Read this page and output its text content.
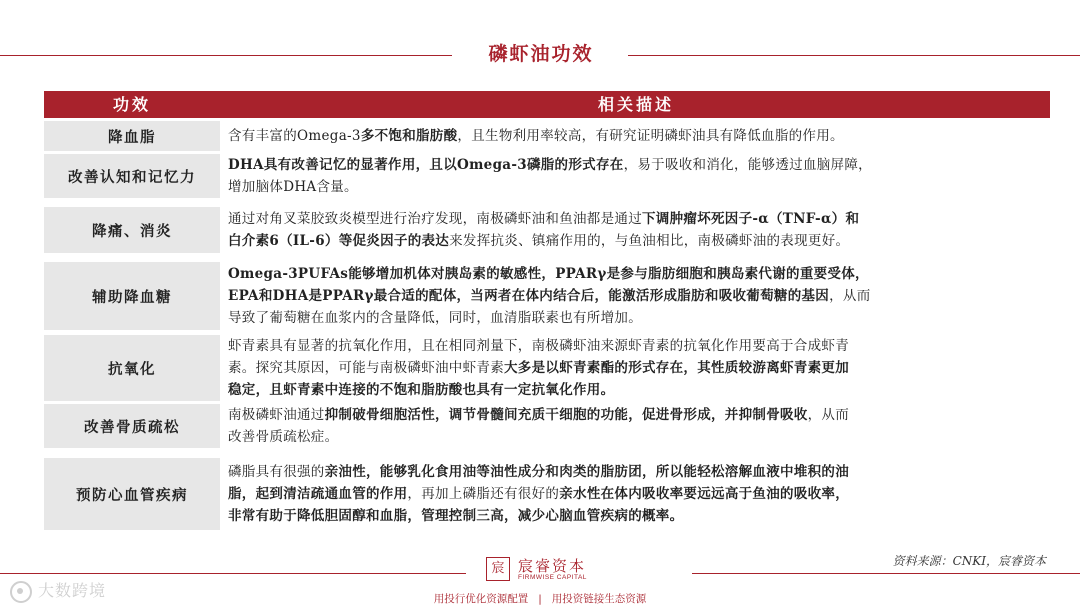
磷虾油功效
功效	相关描述
降血脂	含有丰富的Omega-3多不饱和脂肪酸，且生物利用率较高，有研究证明磷虾油具有降低血脂的作用。
改善认知和记忆力
DHA具有改善记忆的显著作用，且以Omega-3磷脂的形式存在，易于吸收和消化，能够透过血脑屏障，
增加脑体DHA含量。
降痛、消炎
通过对角叉菜胶致炎模型进行治疗发现，南极磷虾油和鱼油都是通过下调肿瘤坏死因子-α（TNF-α）和
白介素6（IL-6）等促炎因子的表达来发挥抗炎、镇痛作用的，与鱼油相比，南极磷虾油的表现更好。
辅助降血糖
Omega-3PUFAs能够增加机体对胰岛素的敏感性，PPARγ是参与脂肪细胞和胰岛素代谢的重要受体，
EPA和DHA是PPARγ最合适的配体，当两者在体内结合后，能激活形成脂肪和吸收葡萄糖的基因，从而
导致了葡萄糖在血浆内的含量降低，同时，血清脂联素也有所增加。
抗氧化
虾青素具有显著的抗氧化作用，且在相同剂量下，南极磷虾油来源虾青素的抗氧化作用要高于合成虾青
素。探究其原因，可能与南极磷虾油中虾青素大多是以虾青素酯的形式存在，其性质较游离虾青素更加
稳定，且虾青素中连接的不饱和脂肪酸也具有一定抗氧化作用。
改善骨质疏松
南极磷虾油通过抑制破骨细胞活性，调节骨髓间充质干细胞的功能，促进骨形成，并抑制骨吸收，从而
改善骨质疏松症。
预防心血管疾病
磷脂具有很强的亲油性，能够乳化食用油等油性成分和肉类的脂肪团，所以能轻松溶解血液中堆积的油
脂，起到清洁疏通血管的作用，再加上磷脂还有很好的亲水性在体内吸收率要远远高于鱼油的吸收率，
非常有助于降低胆固醇和血脂，管理控制三高，减少心脑血管疾病的概率。
资料来源：CNKI，宸睿资本
宸 宸睿资本
FIRMWISE CAPITAL
用投行优化资源配置 | 用投资链接生态资源
大数跨境
